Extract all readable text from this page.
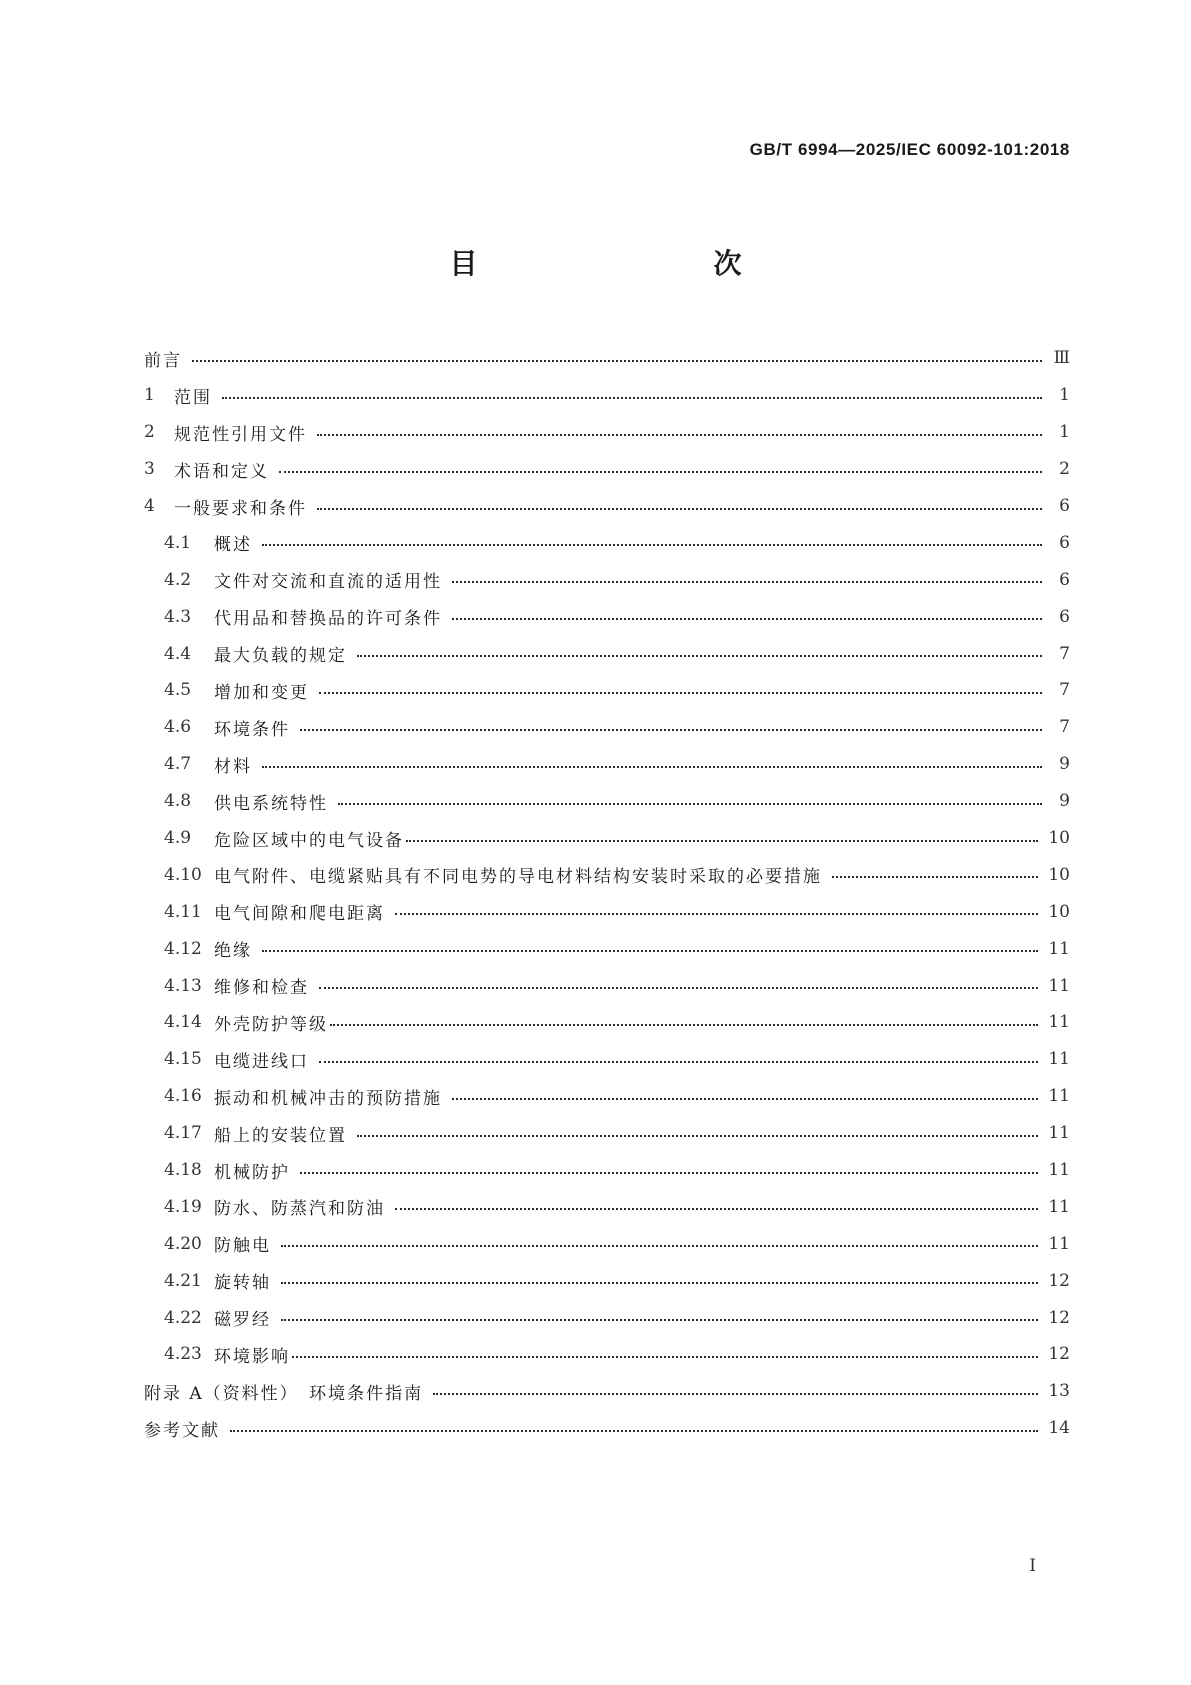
GB/T 6994—2025/IEC 60092-101:2018
目　　次
前言	Ⅲ
1	范围	1
2	规范性引用文件	1
3	术语和定义	2
4	一般要求和条件	6
4.1	概述	6
4.2	文件对交流和直流的适用性	6
4.3	代用品和替换品的许可条件	6
4.4	最大负载的规定	7
4.5	增加和变更	7
4.6	环境条件	7
4.7	材料	9
4.8	供电系统特性	9
4.9	危险区域中的电气设备	10
4.10 电气附件、电缆紧贴具有不同电势的导电材料结构安装时采取的必要措施	10
4.11 电气间隙和爬电距离	10
4.12 绝缘	11
4.13 维修和检查	11
4.14 外壳防护等级	11
4.15 电缆进线口	11
4.16 振动和机械冲击的预防措施	11
4.17 船上的安装位置	11
4.18 机械防护	11
4.19 防水、防蒸汽和防油	11
4.20 防触电	11
4.21 旋转轴	12
4.22 磁罗经	12
4.23 环境影响	12
附录 A（资料性）　环境条件指南	13
参考文献	14
I
